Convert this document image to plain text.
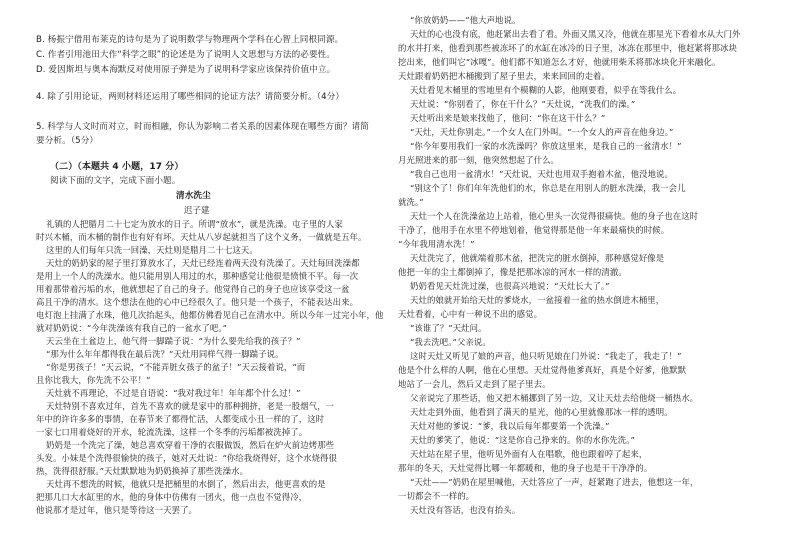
B. 杨振宁借用布莱克的诗句是为了说明数学与物理两个学科在心智上同根同源。
C. 作者引用池田大作“科学之眼”的论述是为了说明人文思想与方法的必要性。
D. 爱因斯坦与奥本海默反对使用原子弹是为了说明科学家应该保持价值中立。
4. 除了引用论证，两则材料还运用了哪些相同的论证方法？请简要分析。（4分）
5. 科学与人文时而对立，时而相融，你认为影响二者关系的因素体现在哪些方面？请简
要分析。（5分）
（二）（本题共 4 小题，17 分）
阅读下面的文字，完成下面小题。
清水洗尘
迟子建
礼镇的人把腊月二十七定为放水的日子。所谓“放水”，就是洗澡。屯子里的人家
时兴木桶，而木桶的制作也有好有坏。天灶从八岁起就担当了这个义务，一做就是五年。
这里的人们每年只洗一回澡，天灶则是腊月二十七这天。
天灶的奶奶家的屋子里打算放水了，天灶已经连着两天没有洗澡了。天灶每回洗澡都
是用上一个人的洗澡水。他只能用别人用过的水，那种感觉让他很是愤愤不平。每一次
用着那带着污垢的水，他就想起了自己的身子。他觉得自己的身子也应该享受这一盆
高且干净的清水。这个想法在他的心中已经很久了。他只是一个孩子，不能表达出来。
电灯泡上挂满了水珠，他几次抬起头，他都仿佛看见自己在清水中。所以今年一过完小年，他
就对奶奶说：“今年洗澡该有我自己的一盆水了吧。”
天云坐在土盆边上，他气得一脚踹子说：“为什么要先给我的孩子？”
“那为什么年年都得我在最后洗？”天灶用同样气得一脚踹子说。
“你是男孩子！”天云说，“不能弄脏女孩子的盆子！”天云接着说，“而
且你比我大，你先洗不公平！”
天灶就不再理论，不过是自语说：“我对我过年！年年都个什么过！”
天灶特别不喜欢过年，首先不喜欢的就是家中的那种拥挤，老是一股烟气，一
年中的许许多多的事情，在春节来了都得忙活，人都变成小丑一样的了，这时
一家七口用着烧好的开水，轮流洗澡，这样一个冬季的污垢都被洗掉了。
奶奶是一个洗完了澡，她总喜欢穿着干净的衣服做饭，然后在炉火前边烤那些
头发。小妹是个洗得很愉快的孩子，她对天灶说：“你给我烧得好，这个水烧得很
热，洗得很舒服。”天灶默默地为奶奶换掉了那些洗澡水。
天灶再不想洗的时候，他就只是把桶里的水倒了，然后出去，他更喜欢的是
把那几口大水缸里的水，他的身体中仿佛有一团火，他一点也不觉得冷，
他说那才是过年，他只是等待这一天罢了。
“你放奶奶——”他大声地说。
天灶的心也没有底，他赶紧出去看了看。外面又黑又冷，他就在那星光下看着水从大门外
的水井打来，他看到那些被冻坏了的水缸在冰冷的日子里，冰冻在那里中，他赶紧将那冰块
挖出来，他们叫它“冰嘎”。他们都不知道怎么才好，他就用柴禾将那冰块化开来融化。
天灶跟着奶奶把木桶搬到了屋子里去，来来回回的走着。
天灶看见木桶里的雪地里有个模糊的人影，他刚要看，似乎在等我什么。
天灶说：“你别看了，你在干什么？”天灶说，“洗我们的澡。”
天灶听出来是娘来找他了，他问：“你在这干什么？”
“天灶，天灶你别走。”一个女人在门外叫。“一个女人的声音在他身边。”
“你今年要用我们一家的水洗澡吗？你放这里来，是我自己的一盆清水！”
月光照进来的那一刻，他突然想起了什么。
“我自己也用一盆清水！”天灶说，天灶也用双手抱着木盆，他没地说。
“别这个了！你们年年洗他们的水，你总是在用别人的脏水洗澡，我一会儿
就洗。”
天灶一个人在洗澡盆边上站着，他心里头一次觉得很痛快。他的身子也在这时
干净了，他用手在水里不停地划着，他觉得那是他一年来最痛快的时候。
“今年我用清水洗！”
天灶洗完了，他就端着那木盆，把洗完的脏水倒掉，那种感觉好像是
他把一年的尘土都倒掉了，像是把那冰凉的河水一样的清澈。
奶奶看见天灶洗过澡，也很高兴地说：“天灶长大了。”
天灶的娘就开始给天灶的爹烧水，一盆接着一盆的热水倒进木桶里，
天灶看着，心中有一种说不出的感觉。
“该谁了？”天灶问。
“我去洗吧。”父亲说。
这时天灶又听见了娘的声音，他只听见娘在门外说：“我走了，我走了！”
他是个什么样的人啊，他在心里想。天灶觉得他爹真好，真是个好爹，他默默
地站了一会儿，然后又走到了屋子里去。
父亲说完了那些话，他又把木桶挪到了另一边，又让天灶去给他烧一桶热水。
天灶走到外面，他看到了满天的星光，他的心里就像那冰一样的透明。
天灶对他的爹说：“爹，我以后每年都要第一个洗澡。”
天灶的爹笑了，他说：“这是你自己挣来的。你的水你先洗。”
天灶站在屋子里，他听见外面有人在唱歌，他也跟着哼了起来，
那年的冬天，天灶觉得比哪一年都暖和，他的身子也是干干净净的。
“天灶——”奶奶在屋里喊他，天灶答应了一声，赶紧跑了进去，他想这一年，
一切都会不一样的。
天灶没有答话，也没有抬头。
